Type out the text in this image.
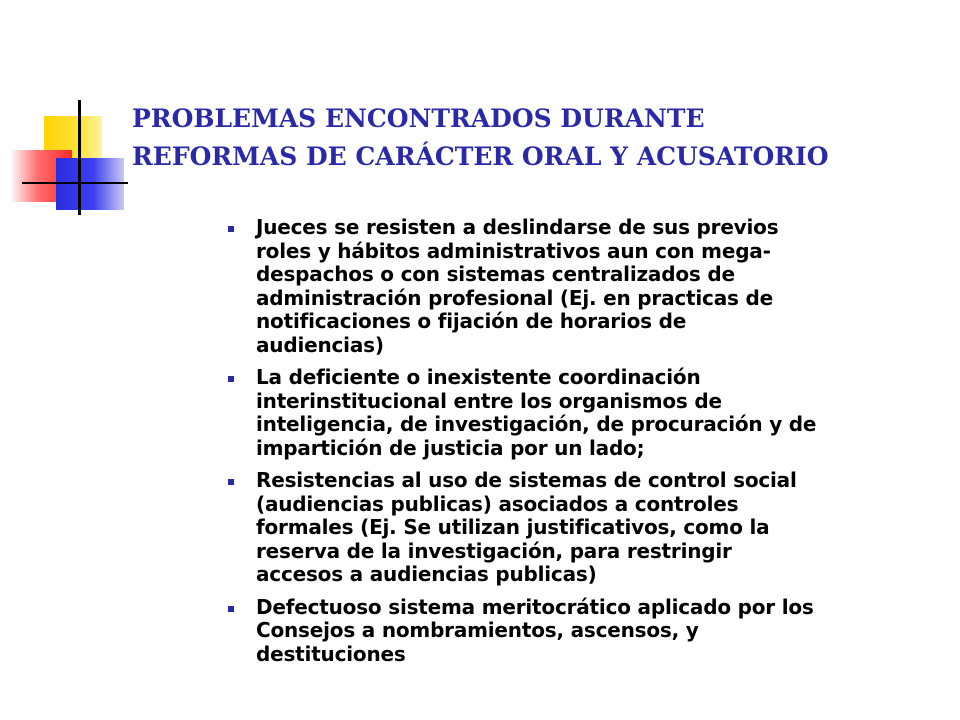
PROBLEMAS ENCONTRADOS DURANTE
REFORMAS DE CARÁCTER ORAL Y ACUSATORIO
Jueces se resisten a deslindarse de sus previos
roles y hábitos administrativos aun con mega-
despachos o con sistemas centralizados de
administración profesional (Ej. en practicas de
notificaciones o fijación de horarios de
audiencias)
La deficiente o inexistente coordinación
interinstitucional entre los organismos de
inteligencia, de investigación, de procuración y de
impartición de justicia por un lado;
Resistencias al uso de sistemas de control social
(audiencias publicas) asociados a controles
formales (Ej. Se utilizan justificativos, como la
reserva de la investigación, para restringir
accesos a audiencias publicas)
Defectuoso sistema meritocrático aplicado por los
Consejos a nombramientos, ascensos, y
destituciones
